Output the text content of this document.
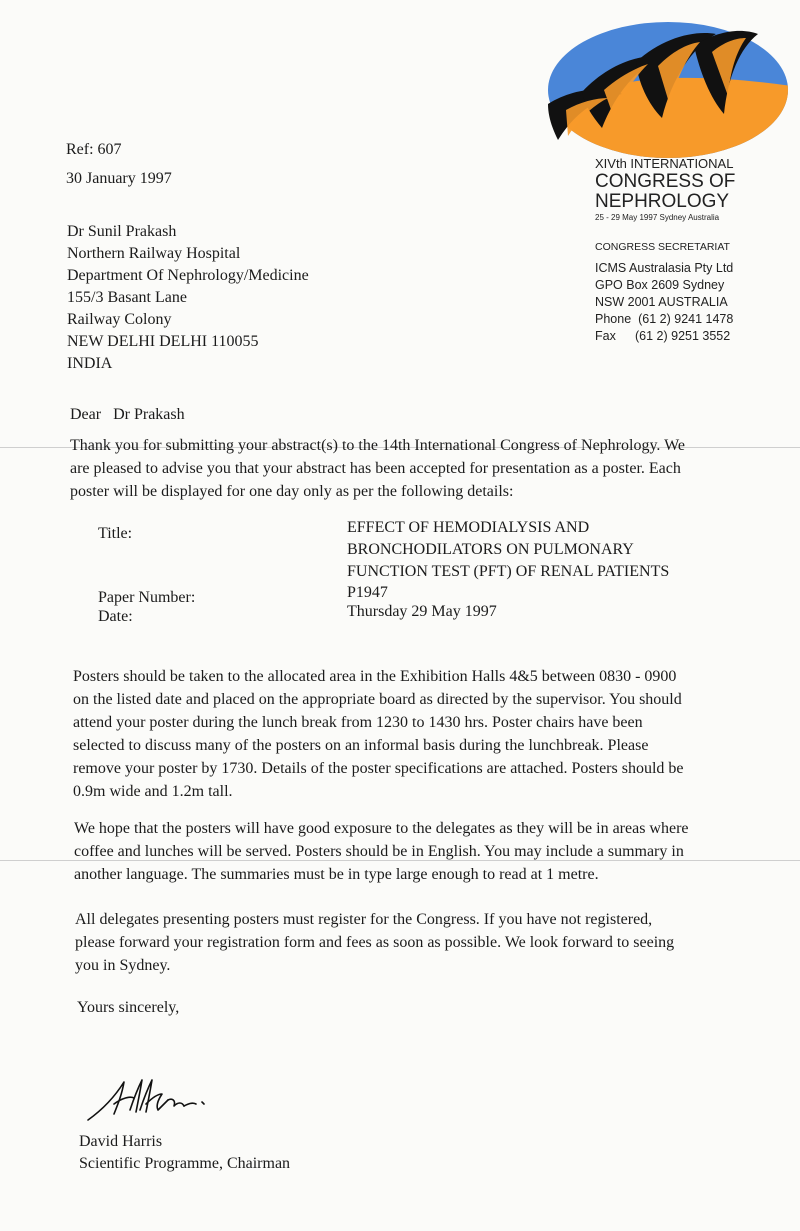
XIVth INTERNATIONAL
CONGRESS OF
NEPHROLOGY
25 - 29 May 1997 Sydney Australia
CONGRESS SECRETARIAT
ICMS Australasia Pty Ltd
GPO Box 2609 Sydney
NSW 2001 AUSTRALIA
Phone (61 2) 9241 1478
Fax (61 2) 9251 3552
Ref: 607
30 January 1997
Dr Sunil Prakash
Northern Railway Hospital
Department Of Nephrology/Medicine
155/3 Basant Lane
Railway Colony
NEW DELHI DELHI 110055
INDIA
Dear   Dr Prakash
Thank you for submitting your abstract(s) to the 14th International Congress of Nephrology. We
are pleased to advise you that your abstract has been accepted for presentation as a poster. Each
poster will be displayed for one day only as per the following details:
Title:	EFFECT OF HEMODIALYSIS AND
BRONCHODILATORS ON PULMONARY
FUNCTION TEST (PFT) OF RENAL PATIENTS
Paper Number:	P1947
Date:	Thursday 29 May 1997
Posters should be taken to the allocated area in the Exhibition Halls 4&5 between 0830 - 0900
on the listed date and placed on the appropriate board as directed by the supervisor. You should
attend your poster during the lunch break from 1230 to 1430 hrs. Poster chairs have been
selected to discuss many of the posters on an informal basis during the lunchbreak. Please
remove your poster by 1730. Details of the poster specifications are attached. Posters should be
0.9m wide and 1.2m tall.
We hope that the posters will have good exposure to the delegates as they will be in areas where
coffee and lunches will be served. Posters should be in English. You may include a summary in
another language. The summaries must be in type large enough to read at 1 metre.
All delegates presenting posters must register for the Congress. If you have not registered,
please forward your registration form and fees as soon as possible. We look forward to seeing
you in Sydney.
Yours sincerely,
David Harris
Scientific Programme, Chairman
